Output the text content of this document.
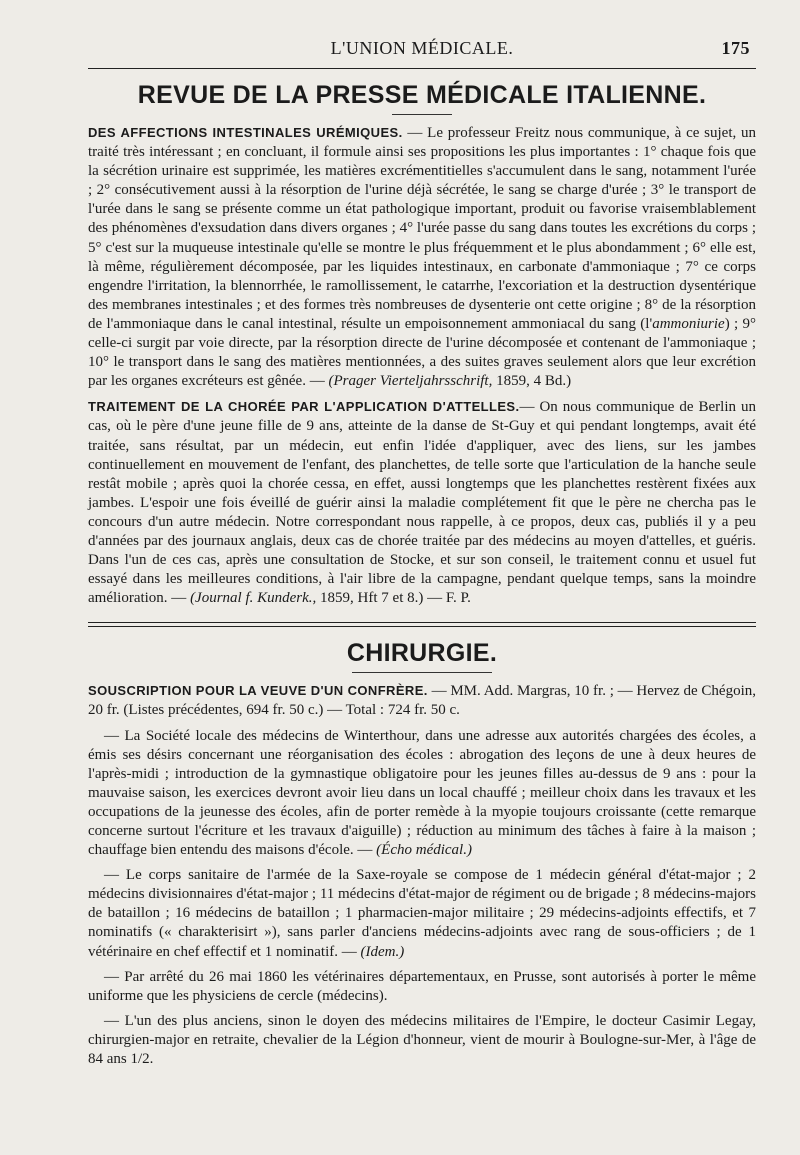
L'UNION MÉDICALE.	175
REVUE DE LA PRESSE MÉDICALE ITALIENNE.

DES AFFECTIONS INTESTINALES URÉMIQUES. — Le professeur Freitz nous communique, à ce sujet, un traité très intéressant ; en concluant, il formule ainsi ses propositions les plus importantes : 1° chaque fois que la sécrétion urinaire est supprimée, les matières excrémentitielles s'accumulent dans le sang, notamment l'urée ; 2° consécutivement aussi à la résorption de l'urine déjà sécrétée, le sang se charge d'urée ; 3° le transport de l'urée dans le sang se présente comme un état pathologique important, produit ou favorise vraisemblablement des phénomènes d'exsudation dans divers organes ; 4° l'urée passe du sang dans toutes les excrétions du corps ; 5° c'est sur la muqueuse intestinale qu'elle se montre le plus fréquemment et le plus abondamment ; 6° elle est, là même, régulièrement décomposée, par les liquides intestinaux, en carbonate d'ammoniaque ; 7° ce corps engendre l'irritation, la blennorrhée, le ramollissement, le catarrhe, l'excoriation et la destruction dysentérique des membranes intestinales ; et des formes très nombreuses de dysenterie ont cette origine ; 8° de la résorption de l'ammoniaque dans le canal intestinal, résulte un empoisonnement ammoniacal du sang (l'ammoniurie) ; 9° celle-ci surgit par voie directe, par la résorption directe de l'urine décomposée et contenant de l'ammoniaque ; 10° le transport dans le sang des matières mentionnées, a des suites graves seulement alors que leur excrétion par les organes excréteurs est gênée. — (Prager Vierteljahrsschrift, 1859, 4 Bd.)

TRAITEMENT DE LA CHORÉE PAR L'APPLICATION D'ATTELLES.— On nous communique de Berlin un cas, où le père d'une jeune fille de 9 ans, atteinte de la danse de St-Guy et qui pendant longtemps, avait été traitée, sans résultat, par un médecin, eut enfin l'idée d'appliquer, avec des liens, sur les jambes continuellement en mouvement de l'enfant, des planchettes, de telle sorte que l'articulation de la hanche seule restât mobile ; après quoi la chorée cessa, en effet, aussi longtemps que les planchettes restèrent fixées aux jambes. L'espoir une fois éveillé de guérir ainsi la maladie complétement fit que le père ne chercha pas le concours d'un autre médecin. Notre correspondant nous rappelle, à ce propos, deux cas, publiés il y a peu d'années par des journaux anglais, deux cas de chorée traitée par des médecins au moyen d'attelles, et guéris. Dans l'un de ces cas, après une consultation de Stocke, et sur son conseil, le traitement connu et usuel fut essayé dans les meilleures conditions, à l'air libre de la campagne, pendant quelque temps, sans la moindre amélioration. — (Journal f. Kunderk., 1859, Hft 7 et 8.) — F. P.

CHIRURGIE.

SOUSCRIPTION POUR LA VEUVE D'UN CONFRÈRE. — MM. Add. Margras, 10 fr. ; — Hervez de Chégoin, 20 fr. (Listes précédentes, 694 fr. 50 c.) — Total : 724 fr. 50 c.

— La Société locale des médecins de Winterthour, dans une adresse aux autorités chargées des écoles, a émis ses désirs concernant une réorganisation des écoles : abrogation des leçons de une à deux heures de l'après-midi ; introduction de la gymnastique obligatoire pour les jeunes filles au-dessus de 9 ans : pour la mauvaise saison, les exercices devront avoir lieu dans un local chauffé ; meilleur choix dans les travaux et les occupations de la jeunesse des écoles, afin de porter remède à la myopie toujours croissante (cette remarque concerne surtout l'écriture et les travaux d'aiguille) ; réduction au minimum des tâches à faire à la maison ; chauffage bien entendu des maisons d'école. — (Écho médical.)

— Le corps sanitaire de l'armée de la Saxe-royale se compose de 1 médecin général d'état-major ; 2 médecins divisionnaires d'état-major ; 11 médecins d'état-major de régiment ou de brigade ; 8 médecins-majors de bataillon ; 16 médecins de bataillon ; 1 pharmacien-major militaire ; 29 médecins-adjoints effectifs, et 7 nominatifs (« charakterisirt »), sans parler d'anciens médecins-adjoints avec rang de sous-officiers ; de 1 vétérinaire en chef effectif et 1 nominatif. — (Idem.)

— Par arrêté du 26 mai 1860 les vétérinaires départementaux, en Prusse, sont autorisés à porter le même uniforme que les physiciens de cercle (médecins).

— L'un des plus anciens, sinon le doyen des médecins militaires de l'Empire, le docteur Casimir Legay, chirurgien-major en retraite, chevalier de la Légion d'honneur, vient de mourir à Boulogne-sur-Mer, à l'âge de 84 ans 1/2.
